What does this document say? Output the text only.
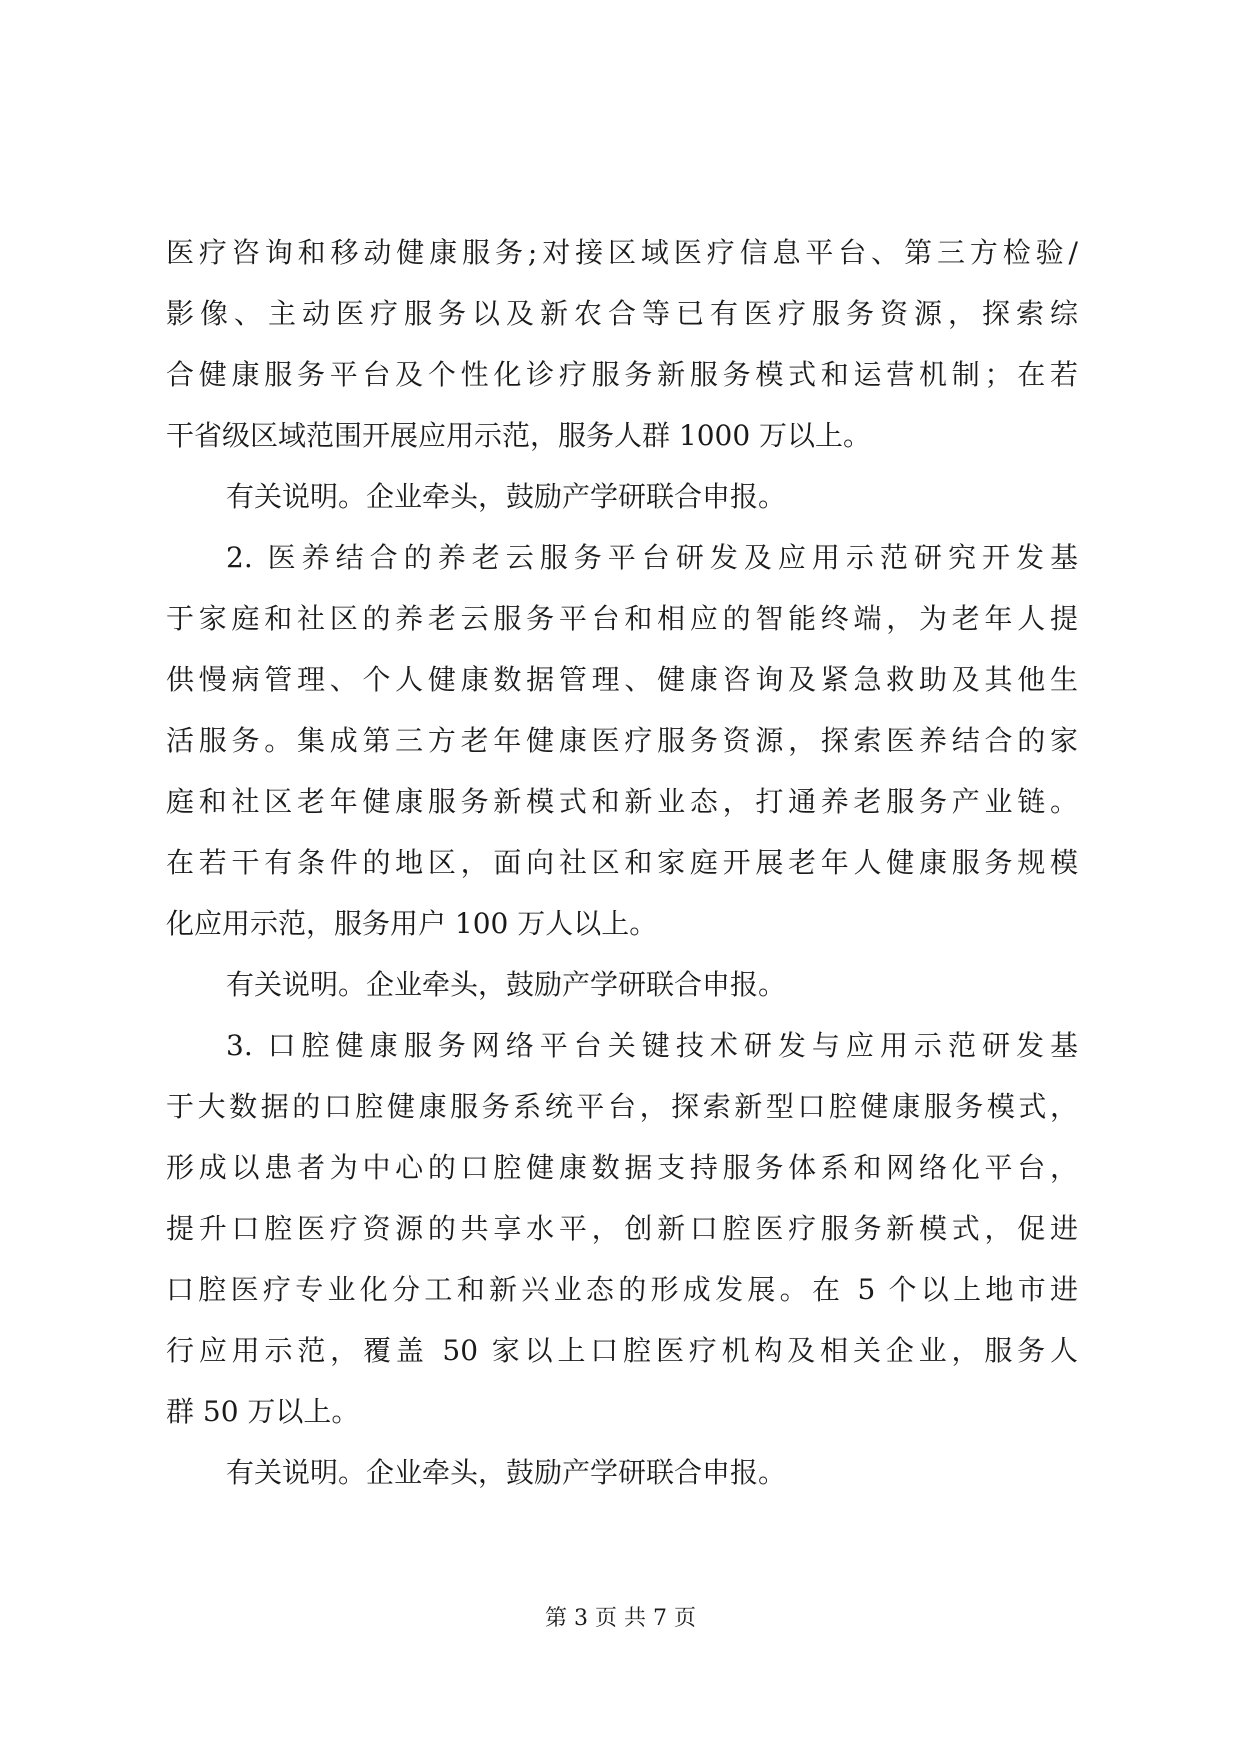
医疗咨询和移动健康服务;对接区域医疗信息平台、第三方检验/
影像、主动医疗服务以及新农合等已有医疗服务资源，探索综
合健康服务平台及个性化诊疗服务新服务模式和运营机制；在若
干省级区域范围开展应用示范，服务人群 1000 万以上。
有关说明。企业牵头，鼓励产学研联合申报。
2. 医养结合的养老云服务平台研发及应用示范研究开发基
于家庭和社区的养老云服务平台和相应的智能终端，为老年人提
供慢病管理、个人健康数据管理、健康咨询及紧急救助及其他生
活服务。集成第三方老年健康医疗服务资源，探索医养结合的家
庭和社区老年健康服务新模式和新业态，打通养老服务产业链。
在若干有条件的地区，面向社区和家庭开展老年人健康服务规模
化应用示范，服务用户 100 万人以上。
有关说明。企业牵头，鼓励产学研联合申报。
3. 口腔健康服务网络平台关键技术研发与应用示范研发基
于大数据的口腔健康服务系统平台，探索新型口腔健康服务模式，
形成以患者为中心的口腔健康数据支持服务体系和网络化平台，
提升口腔医疗资源的共享水平，创新口腔医疗服务新模式，促进
口腔医疗专业化分工和新兴业态的形成发展。在 5 个以上地市进
行应用示范，覆盖 50 家以上口腔医疗机构及相关企业，服务人
群 50 万以上。
有关说明。企业牵头，鼓励产学研联合申报。
第 3 页 共 7 页
